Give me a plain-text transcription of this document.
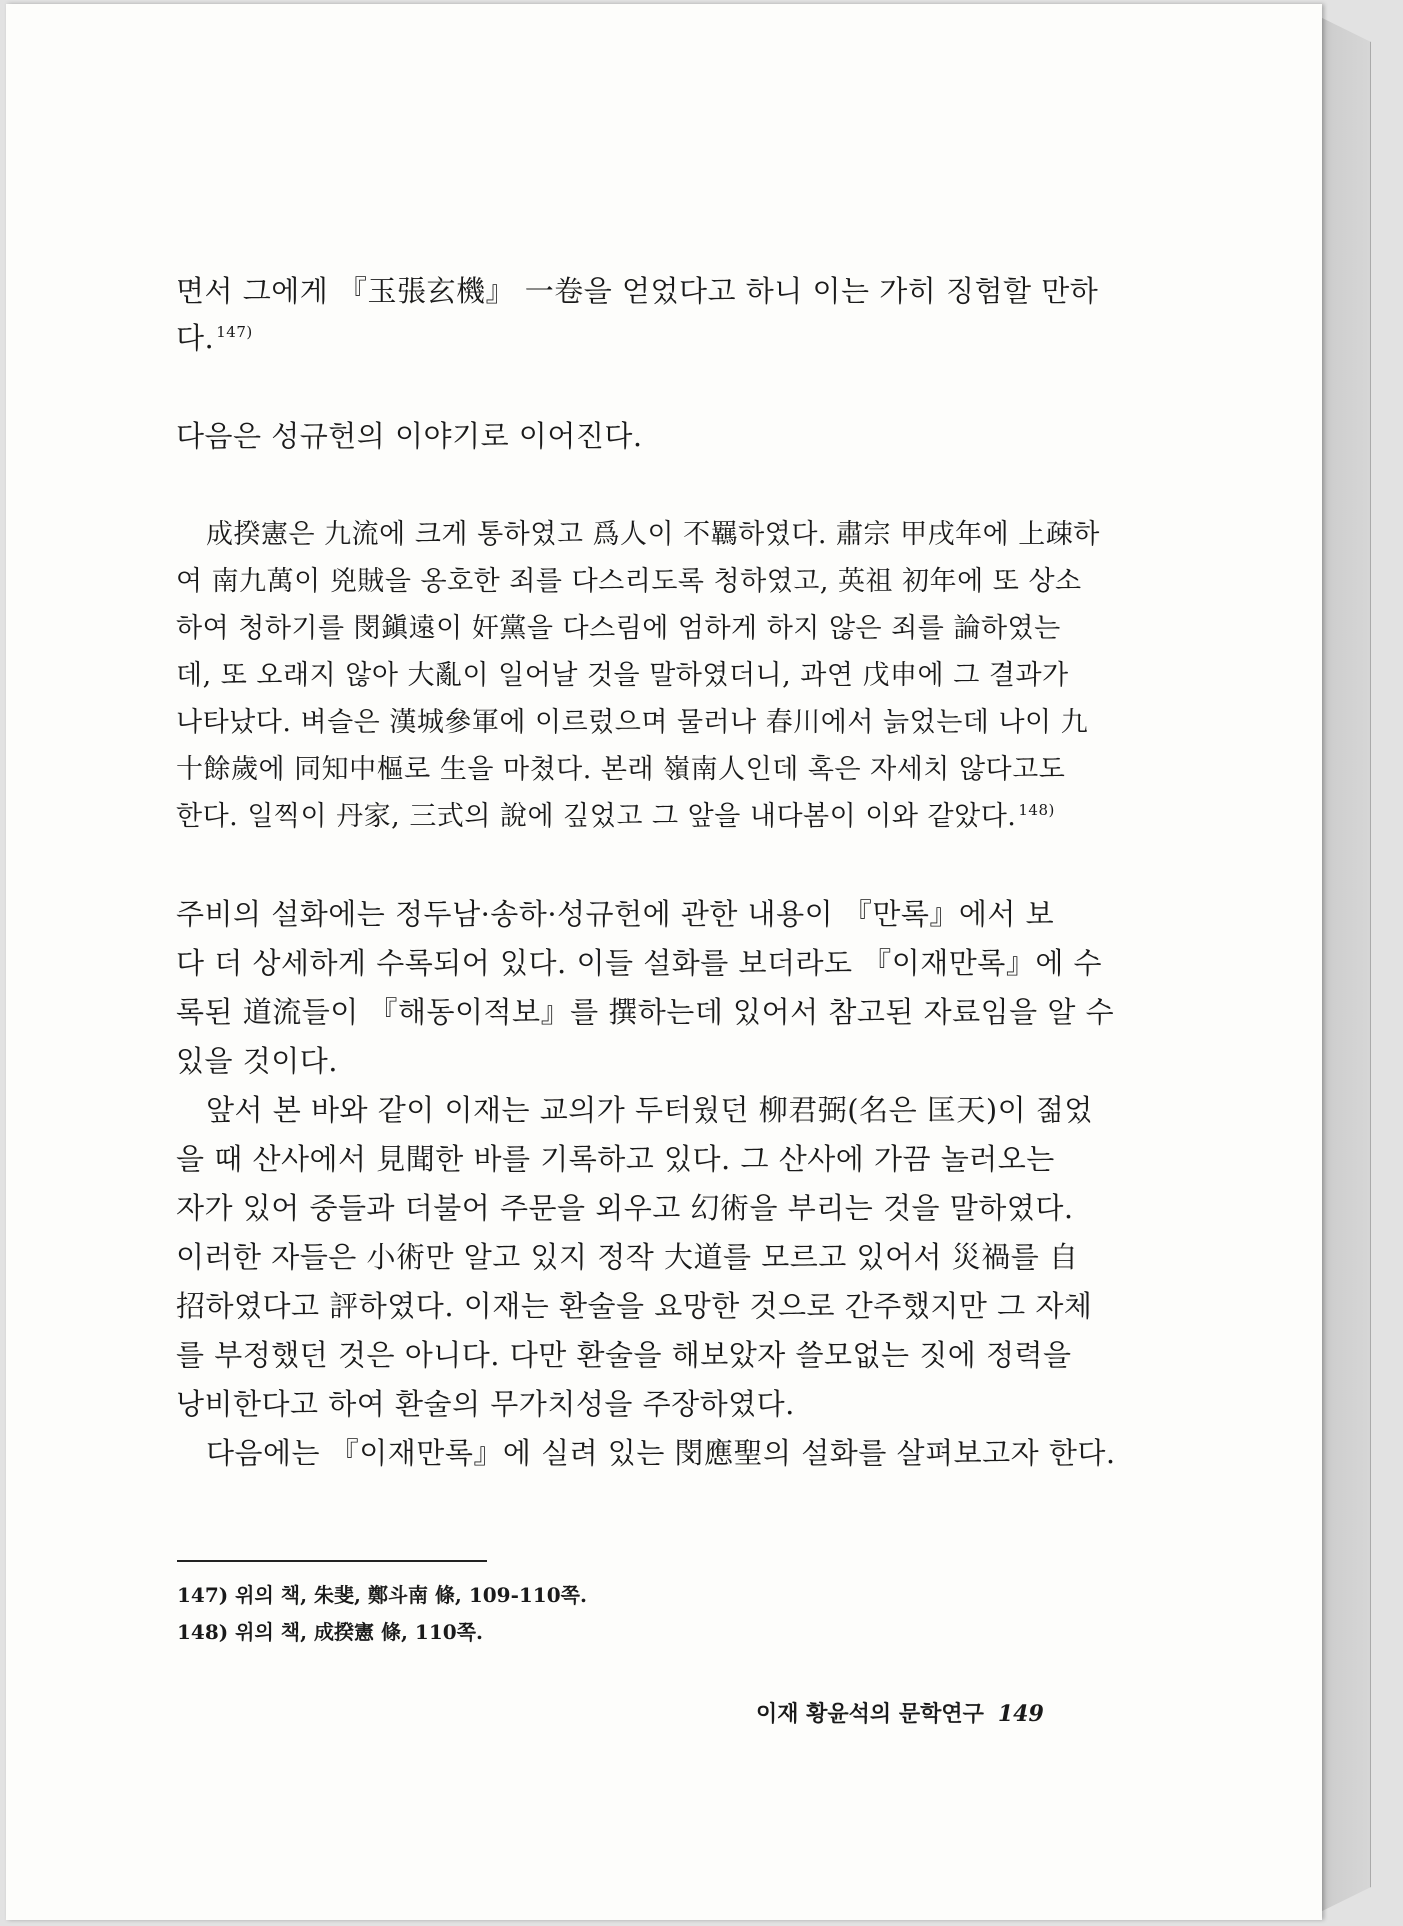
면서 그에게 『玉張玄機』 一卷을 얻었다고 하니 이는 가히 징험할 만하
다. $^{147)}$
다음은 성규헌의 이야기로 이어진다.
成揆憲은 九流에 크게 통하였고 爲人이 不羈하였다. 肅宗 甲戌年에 上疎하
여 南九萬이 兇賊을 옹호한 죄를 다스리도록 청하였고, 英祖 初年에 또 상소
하여 청하기를 閔鎭遠이 奸黨을 다스림에 엄하게 하지 않은 죄를 論하였는
데, 또 오래지 않아 大亂이 일어날 것을 말하였더니, 과연 戊申에 그 결과가
나타났다. 벼슬은 漢城參軍에 이르렀으며 물러나 春川에서 늙었는데 나이 九
十餘歲에 同知中樞로 生을 마쳤다. 본래 嶺南人인데 혹은 자세치 않다고도
한다. 일찍이 丹家, 三式의 說에 깊었고 그 앞을 내다봄이 이와 같았다. $^{148)}$
주비의 설화에는 정두남·송하·성규헌에 관한 내용이 『만록』에서 보
다 더 상세하게 수록되어 있다. 이들 설화를 보더라도 『이재만록』에 수
록된 道流들이 『해동이적보』를 撰하는데 있어서 참고된 자료임을 알 수
있을 것이다.
앞서 본 바와 같이 이재는 교의가 두터웠던 柳君弼(名은 匡天)이 젊었
을 때 산사에서 見聞한 바를 기록하고 있다. 그 산사에 가끔 놀러오는
자가 있어 중들과 더불어 주문을 외우고 幻術을 부리는 것을 말하였다.
이러한 자들은 小術만 알고 있지 정작 大道를 모르고 있어서 災禍를 自
招하였다고 評하였다. 이재는 환술을 요망한 것으로 간주했지만 그 자체
를 부정했던 것은 아니다. 다만 환술을 해보았자 쓸모없는 짓에 정력을
낭비한다고 하여 환술의 무가치성을 주장하였다.
다음에는 『이재만록』에 실려 있는 閔應聖의 설화를 살펴보고자 한다.
147) 위의 책, 朱斐, 鄭斗南 條, 109-110쪽.
148) 위의 책, 成揆憲 條, 110쪽.
이재 황윤석의 문학연구 149
